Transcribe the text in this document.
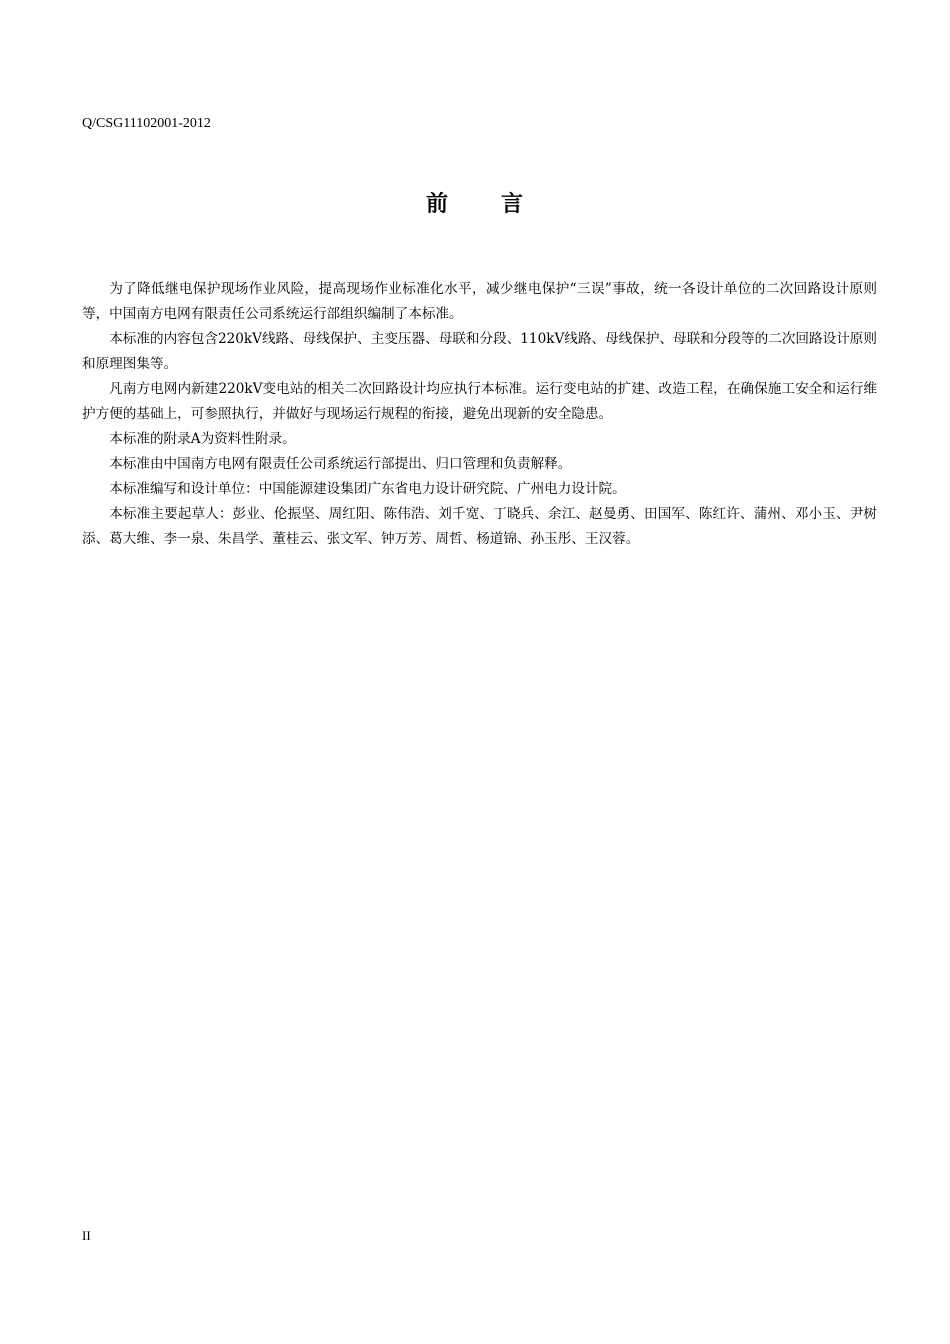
Q/CSG11102001-2012
前 言

为了降低继电保护现场作业风险，提高现场作业标准化水平，减少继电保护“三误”事故，统一各设计单位的二次回路设计原则等，中国南方电网有限责任公司系统运行部组织编制了本标准。

本标准的内容包含220kV线路、母线保护、主变压器、母联和分段、110kV线路、母线保护、母联和分段等的二次回路设计原则和原理图集等。

凡南方电网内新建220kV变电站的相关二次回路设计均应执行本标准。运行变电站的扩建、改造工程，在确保施工安全和运行维护方便的基础上，可参照执行，并做好与现场运行规程的衔接，避免出现新的安全隐患。

本标准的附录A为资料性附录。

本标准由中国南方电网有限责任公司系统运行部提出、归口管理和负责解释。

本标准编写和设计单位：中国能源建设集团广东省电力设计研究院、广州电力设计院。

本标准主要起草人：彭业、伦振坚、周红阳、陈伟浩、刘千宽、丁晓兵、余江、赵曼勇、田国军、陈红许、蒲州、邓小玉、尹树添、葛大维、李一泉、朱昌学、董桂云、张文军、钟万芳、周哲、杨道锦、孙玉彤、王汉蓉。

II
